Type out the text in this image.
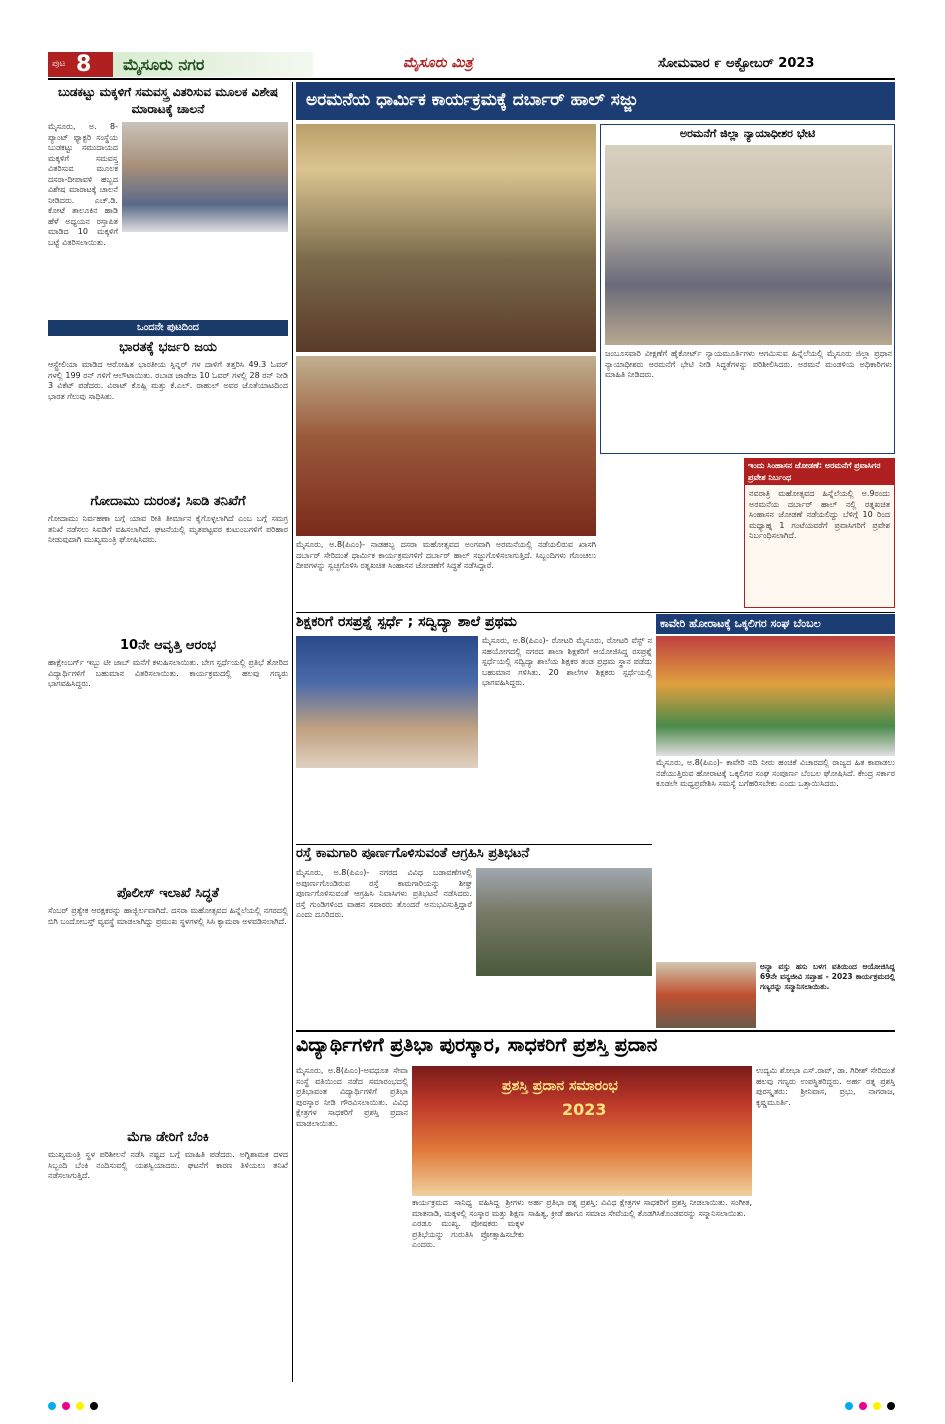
ಪುಟ 8 ಮೈಸೂರು ನಗರ	ಮೈಸೂರು ಮಿತ್ರ	ಸೋಮವಾರ ೯ ಅಕ್ಟೋಬರ್ 2023
ಬುಡಕಟ್ಟು ಮಕ್ಕಳಿಗೆ ಸಮವಸ್ತ್ರ ವಿತರಿಸುವ ಮೂಲಕ ವಿಶೇಷ ಮಾರಾಟಕ್ಕೆ ಚಾಲನೆ
ಮೈಸೂರು, ಅ. 8- ಪ್ಯಾಂಟ್ ಫ್ಯಾಕ್ಟರಿ ಸಂಸ್ಥೆಯ ಬುಡಕಟ್ಟು ಸಮುದಾಯದ ಮಕ್ಕಳಿಗೆ ಸಮವಸ್ತ್ರ ವಿತರಿಸುವ ಮೂಲಕ ದಸರಾ-ದೀಪಾವಳಿ ಹಬ್ಬದ ವಿಶೇಷ ಮಾರಾಟಕ್ಕೆ ಚಾಲನೆ ನೀಡಿದರು. ಎಚ್.ಡಿ. ಕೋಟೆ ತಾಲೂಕಿನ ಹಾಡಿ ಹೆಳೆ ಅಧ್ಯಯನ ರಸ್ತಾಪಿತ ಮಾಡಿದ 10 ಮಕ್ಕಳಿಗೆ ಬಟ್ಟೆ ವಿತರಿಸಲಾಯಿತು.
ಒಂದನೇ ಪುಟದಿಂದ
ಭಾರತಕ್ಕೆ ಭರ್ಜರಿ ಜಯ
ಆಸ್ಟ್ರೇಲಿಯಾ ಮಾಡಿದ ಆರೋಹಿತ ಭಾರತೀಯ ಸ್ಪಿನ್ನರ್ ಗಳ ದಾಳಿಗೆ ತತ್ತರಿಸಿ 49.3 ಓವರ್ ಗಳಲ್ಲಿ 199 ರನ್ ಗಳಿಗೆ ಆಲೌಟಾಯಿತು. ರಬಾಡ ಜಾಡೇಜ 10 ಓವರ್ ಗಳಲ್ಲಿ 28 ರನ್ ನೀಡಿ 3 ವಿಕೆಟ್ ಪಡೆದರು. ವಿರಾಟ್ ಕೊಹ್ಲಿ ಮತ್ತು ಕೆ.ಎಲ್. ರಾಹುಲ್ ಅವರ ಜೊತೆಯಾಟದಿಂದ ಭಾರತ ಗೆಲುವು ಸಾಧಿಸಿತು.
ಗೋದಾಮು ದುರಂತ; ಸಿಐಡಿ ತನಿಖೆಗೆ
ಗೋದಾಮು ನಿರ್ವಹಣಾ ಬಗ್ಗೆ ಯಾವ ರೀತಿ ತೀರ್ಮಾನ ಕೈಗೊಳ್ಳಲಾಗಿದೆ ಎಂಬ ಬಗ್ಗೆ ಸಮಗ್ರ ತನಿಖೆ ನಡೆಸಲು ಸಿಐಡಿಗೆ ವಹಿಸಲಾಗಿದೆ. ಘಟನೆಯಲ್ಲಿ ಮೃತಪಟ್ಟವರ ಕುಟುಂಬಗಳಿಗೆ ಪರಿಹಾರ ನೀಡುವುದಾಗಿ ಮುಖ್ಯಮಂತ್ರಿ ಘೋಷಿಸಿದರು.
10ನೇ ಆವೃತ್ತಿ ಆರಂಭ
ಹಾಕ್ಷೇಂಬರ್ಗ್ ಇಬ್ಬು ಟೀ ಜಾಬ್ ಮನೆಗೆ ಕಳುಹಿಸಲಾಯಿತು. ಬೇಗ ಸ್ಪರ್ಧೆಯಲ್ಲಿ ಪ್ರತಿಭೆ ತೋರಿದ ವಿದ್ಯಾರ್ಥಿಗಳಿಗೆ ಬಹುಮಾನ ವಿತರಿಸಲಾಯಿತು. ಕಾರ್ಯಕ್ರಮದಲ್ಲಿ ಹಲವು ಗಣ್ಯರು ಭಾಗವಹಿಸಿದ್ದರು.
ಪೊಲೀಸ್ ಇಲಾಖೆ ಸಿದ್ಧತೆ
ಸೆಂಬರ್ ಪ್ರತ್ಯೇಕ ಆರಕ್ಷಕರನ್ನು ಹಾಜ್ಬಿರ್ಲವಾಗಿದೆ. ದಸರಾ ಮಹೋತ್ಸವದ ಹಿನ್ನೆಲೆಯಲ್ಲಿ ನಗರದಲ್ಲಿ ಬಿಗಿ ಬಂದೋಬಸ್ತ್ ವ್ಯವಸ್ಥೆ ಮಾಡಲಾಗಿದ್ದು ಪ್ರಮುಖ ಸ್ಥಳಗಳಲ್ಲಿ ಸಿಸಿ ಕ್ಯಾಮರಾ ಅಳವಡಿಸಲಾಗಿದೆ.
ಮೆಗಾ ಡೇರಿಗೆ ಬೆಂಕಿ
ಮುಖ್ಯಮಂತ್ರಿ ಸ್ಥಳ ಪರಿಶೀಲನೆ ನಡೆಸಿ ನಷ್ಟದ ಬಗ್ಗೆ ಮಾಹಿತಿ ಪಡೆದರು. ಅಗ್ನಿಶಾಮಕ ದಳದ ಸಿಬ್ಬಂದಿ ಬೆಂಕಿ ನಂದಿಸುವಲ್ಲಿ ಯಶಸ್ವಿಯಾದರು. ಘಟನೆಗೆ ಕಾರಣ ತಿಳಿಯಲು ತನಿಖೆ ನಡೆಸಲಾಗುತ್ತಿದೆ.
ಅರಮನೆಯ ಧಾರ್ಮಿಕ ಕಾರ್ಯಕ್ರಮಕ್ಕೆ ದರ್ಬಾರ್ ಹಾಲ್ ಸಜ್ಜು
ಅರಮನೆಗೆ ಜಿಲ್ಲಾ ನ್ಯಾಯಾಧೀಶರ ಭೇಟಿ
ಜಂಬೂಸವಾರಿ ವೀಕ್ಷಣೆಗೆ ಹೈಕೋರ್ಟ್ ನ್ಯಾಯಮೂರ್ತಿಗಳು ಆಗಮಿಸುವ ಹಿನ್ನೆಲೆಯಲ್ಲಿ ಮೈಸೂರು ಜಿಲ್ಲಾ ಪ್ರಧಾನ ನ್ಯಾಯಾಧೀಶರು ಅರಮನೆಗೆ ಭೇಟಿ ನೀಡಿ ಸಿದ್ಧತೆಗಳನ್ನು ಪರಿಶೀಲಿಸಿದರು. ಅರಮನೆ ಮಂಡಳಿಯ ಅಧಿಕಾರಿಗಳು ಮಾಹಿತಿ ನೀಡಿದರು.
ಮೈಸೂರು, ಅ.8(ಪಿಎಂ)- ನಾಡಹಬ್ಬ ದಸರಾ ಮಹೋತ್ಸವದ ಅಂಗವಾಗಿ ಅರಮನೆಯಲ್ಲಿ ನಡೆಯಲಿರುವ ಖಾಸಗಿ ದರ್ಬಾರ್ ಸೇರಿದಂತೆ ಧಾರ್ಮಿಕ ಕಾರ್ಯಕ್ರಮಗಳಿಗೆ ದರ್ಬಾರ್ ಹಾಲ್ ಸಜ್ಜುಗೊಳಿಸಲಾಗುತ್ತಿದೆ. ಸಿಬ್ಬಂದಿಗಳು ಗೊಂಚಲು ದೀಪಗಳನ್ನು ಸ್ವಚ್ಛಗೊಳಿಸಿ ರತ್ನಖಚಿತ ಸಿಂಹಾಸನ ಜೋಡಣೆಗೆ ಸಿದ್ಧತೆ ನಡೆಸಿದ್ದಾರೆ.
ಇಂದು ಸಿಂಹಾಸನ ಜೋಡಣೆ: ಅರಮನೆಗೆ ಪ್ರವಾಸಿಗರ ಪ್ರವೇಶ ನಿರ್ಬಂಧ
ನವರಾತ್ರಿ ಮಹೋತ್ಸವದ ಹಿನ್ನೆಲೆಯಲ್ಲಿ ಅ.9ರಂದು ಅರಮನೆಯ ದರ್ಬಾರ್ ಹಾಲ್ ನಲ್ಲಿ ರತ್ನಖಚಿತ ಸಿಂಹಾಸನ ಜೋಡಣೆ ನಡೆಯಲಿದ್ದು ಬೆಳಿಗ್ಗೆ 10 ರಿಂದ ಮಧ್ಯಾಹ್ನ 1 ಗಂಟೆಯವರೆಗೆ ಪ್ರವಾಸಿಗರಿಗೆ ಪ್ರವೇಶ ನಿರ್ಬಂಧಿಸಲಾಗಿದೆ.
ಶಿಕ್ಷಕರಿಗೆ ರಸಪ್ರಶ್ನೆ ಸ್ಪರ್ಧೆ ; ಸದ್ವಿದ್ಯಾ ಶಾಲೆ ಪ್ರಥಮ
ಮೈಸೂರು, ಅ.8(ಪಿಎಂ)- ರೋಟರಿ ಮೈಸೂರು, ರೋಟರಿ ವೆಸ್ಟ್ ನ ಸಹಯೋಗದಲ್ಲಿ ನಗರದ ಶಾಲಾ ಶಿಕ್ಷಕರಿಗೆ ಆಯೋಜಿಸಿದ್ದ ರಸಪ್ರಶ್ನೆ ಸ್ಪರ್ಧೆಯಲ್ಲಿ ಸದ್ವಿದ್ಯಾ ಶಾಲೆಯ ಶಿಕ್ಷಕರ ತಂಡ ಪ್ರಥಮ ಸ್ಥಾನ ಪಡೆದು ಬಹುಮಾನ ಗಳಿಸಿತು. 20 ಶಾಲೆಗಳ ಶಿಕ್ಷಕರು ಸ್ಪರ್ಧೆಯಲ್ಲಿ ಭಾಗವಹಿಸಿದ್ದರು.
ಕಾವೇರಿ ಹೋರಾಟಕ್ಕೆ ಒಕ್ಕಲಿಗರ ಸಂಘ ಬೆಂಬಲ
ಮೈಸೂರು, ಅ.8(ಪಿಎಂ)- ಕಾವೇರಿ ನದಿ ನೀರು ಹಂಚಿಕೆ ವಿಚಾರದಲ್ಲಿ ರಾಜ್ಯದ ಹಿತ ಕಾಪಾಡಲು ನಡೆಯುತ್ತಿರುವ ಹೋರಾಟಕ್ಕೆ ಒಕ್ಕಲಿಗರ ಸಂಘ ಸಂಪೂರ್ಣ ಬೆಂಬಲ ಘೋಷಿಸಿದೆ. ಕೇಂದ್ರ ಸರ್ಕಾರ ಕೂಡಲೇ ಮಧ್ಯಪ್ರವೇಶಿಸಿ ಸಮಸ್ಯೆ ಬಗೆಹರಿಸಬೇಕು ಎಂದು ಒತ್ತಾಯಿಸಿದರು.
ರಸ್ತೆ ಕಾಮಗಾರಿ ಪೂರ್ಣಗೊಳಿಸುವಂತೆ ಆಗ್ರಹಿಸಿ ಪ್ರತಿಭಟನೆ
ಮೈಸೂರು, ಅ.8(ಪಿಎಂ)- ನಗರದ ವಿವಿಧ ಬಡಾವಣೆಗಳಲ್ಲಿ ಅಪೂರ್ಣಗೊಂಡಿರುವ ರಸ್ತೆ ಕಾಮಗಾರಿಯನ್ನು ಶೀಘ್ರ ಪೂರ್ಣಗೊಳಿಸುವಂತೆ ಆಗ್ರಹಿಸಿ ನಿವಾಸಿಗಳು ಪ್ರತಿಭಟನೆ ನಡೆಸಿದರು. ರಸ್ತೆ ಗುಂಡಿಗಳಿಂದ ವಾಹನ ಸವಾರರು ತೊಂದರೆ ಅನುಭವಿಸುತ್ತಿದ್ದಾರೆ ಎಂದು ದೂರಿದರು.
ಅನ್ನಾ ವಸ್ತು ಹಸು ಬಳಗ ವತಿಯಿಂದ ಆಯೋಜಿಸಿದ್ದ 69ನೇ ವನ್ಯಜೀವಿ ಸಪ್ತಾಹ - 2023 ಕಾರ್ಯಕ್ರಮದಲ್ಲಿ ಗಣ್ಯರನ್ನು ಸನ್ಮಾನಿಸಲಾಯಿತು.
ವಿದ್ಯಾರ್ಥಿಗಳಿಗೆ ಪ್ರತಿಭಾ ಪುರಸ್ಕಾರ, ಸಾಧಕರಿಗೆ ಪ್ರಶಸ್ತಿ ಪ್ರದಾನ
ಮೈಸೂರು, ಅ.8(ಪಿಎಂ)-ಅವಧೂತ ಸೇವಾ ಸಂಸ್ಥೆ ವತಿಯಿಂದ ನಡೆದ ಸಮಾರಂಭದಲ್ಲಿ ಪ್ರತಿಭಾವಂತ ವಿದ್ಯಾರ್ಥಿಗಳಿಗೆ ಪ್ರತಿಭಾ ಪುರಸ್ಕಾರ ನೀಡಿ ಗೌರವಿಸಲಾಯಿತು. ವಿವಿಧ ಕ್ಷೇತ್ರಗಳ ಸಾಧಕರಿಗೆ ಪ್ರಶಸ್ತಿ ಪ್ರದಾನ ಮಾಡಲಾಯಿತು.
ಪ್ರಶಸ್ತಿ ಪ್ರದಾನ ಸಮಾರಂಭ
2023
ಕಾರ್ಯಕ್ರಮದ ಸಾನಿಧ್ಯ ವಹಿಸಿದ್ದ ಶ್ರೀಗಳು ಮಾತನಾಡಿ, ಮಕ್ಕಳಲ್ಲಿ ಸಂಸ್ಕಾರ ಮತ್ತು ಶಿಕ್ಷಣ ಎರಡೂ ಮುಖ್ಯ. ಪೋಷಕರು ಮಕ್ಕಳ ಪ್ರತಿಭೆಯನ್ನು ಗುರುತಿಸಿ ಪ್ರೋತ್ಸಾಹಿಸಬೇಕು ಎಂದರು.
ಅರ್ಹ ಪ್ರತಿಭಾ ರತ್ನ ಪ್ರಶಸ್ತಿ: ವಿವಿಧ ಕ್ಷೇತ್ರಗಳ ಸಾಧಕರಿಗೆ ಪ್ರಶಸ್ತಿ ನೀಡಲಾಯಿತು. ಸಂಗೀತ, ಸಾಹಿತ್ಯ, ಕ್ರೀಡೆ ಹಾಗೂ ಸಮಾಜ ಸೇವೆಯಲ್ಲಿ ತೊಡಗಿಸಿಕೊಂಡವರನ್ನು ಸನ್ಮಾನಿಸಲಾಯಿತು.
ಉದ್ಯಮಿ ಶೋಭಾ ಎಸ್.ರಾವ್, ಡಾ. ಗಿರೀಶ್ ಸೇರಿದಂತೆ ಹಲವು ಗಣ್ಯರು ಉಪಸ್ಥಿತರಿದ್ದರು. ಅರ್ಹ ರತ್ನ ಪ್ರಶಸ್ತಿ ಪುರಸ್ಕೃತರು: ಶ್ರೀನಿವಾಸ, ಪ್ರಭು, ನಾಗರಾಜ, ಕೃಷ್ಣಮೂರ್ತಿ.
